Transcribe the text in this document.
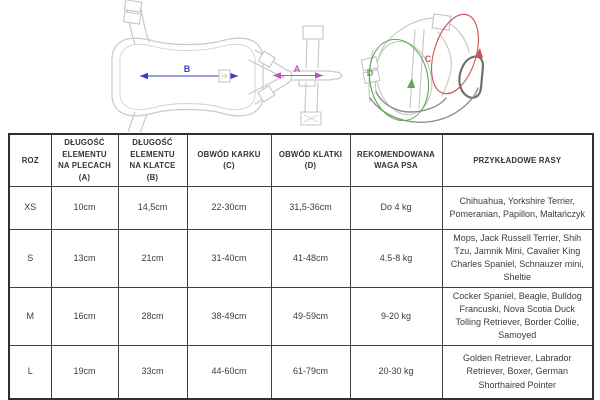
B	A
C
D
ROZ	DŁUGOŚĆ ELEMENTU NA PLECACH (A)	DŁUGOŚĆ ELEMENTU NA KLATCE (B)	OBWÓD KARKU (C)	OBWÓD KLATKI (D)	REKOMENDOWANA WAGA PSA	PRZYKŁADOWE RASY
XS	10cm	14,5cm	22-30cm	31,5-36cm	Do 4 kg	Chihuahua, Yorkshire Terrier, Pomeranian, Papillon, Maltańczyk
S	13cm	21cm	31-40cm	41-48cm	4.5-8 kg	Mops, Jack Russell Terrier, Shih Tzu, Jamnik Mini, Cavalier King Charles Spaniel, Schnauzer mini, Sheltie
M	16cm	28cm	38-49cm	49-59cm	9-20 kg	Cocker Spaniel, Beagle, Bulldog Francuski, Nova Scotia Duck Tolling Retriever, Border Collie, Samoyed
L	19cm	33cm	44-60cm	61-79cm	20-30 kg	Golden Retriever, Labrador Retriever, Boxer, German Shorthaired Pointer
